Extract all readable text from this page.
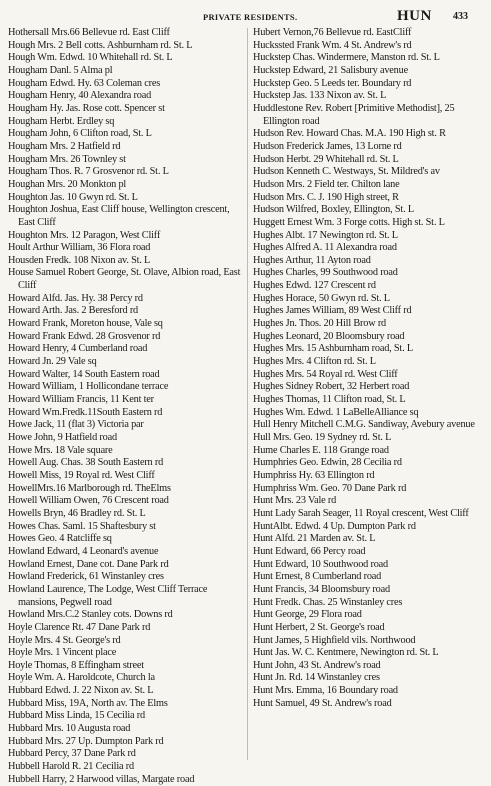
PRIVATE RESIDENTS.	HUN 433
Hothersall Mrs.66 Bellevue rd. East Cliff
Hough Mrs. 2 Bell cotts. Ashburnham rd. St. L
Hough Wm. Edwd. 10 Whitehall rd. St. L
Hougham Danl. 5 Alma pl
Hougham Edwd. Hy. 63 Coleman cres
Hougham Henry, 40 Alexandra road
Hougham Hy. Jas. Rose cott. Spencer st
Hougham Herbt. Erdley sq
Hougham John, 6 Clifton road, St. L
Hougham Mrs. 2 Hatfield rd
Hougham Mrs. 26 Townley st
Hougham Thos. R. 7 Grosvenor rd. St. L
Houghan Mrs. 20 Monkton pl
Houghton Jas. 10 Gwyn rd. St. L
Houghton Joshua, East Cliff house, Wellington crescent, East Cliff
Houghton Mrs. 12 Paragon, West Cliff
Hoult Arthur William, 36 Flora road
Housden Fredk. 108 Nixon av. St. L
House Samuel Robert George, St. Olave, Albion road, East Cliff
Howard Alfd. Jas. Hy. 38 Percy rd
Howard Arth. Jas. 2 Beresford rd
Howard Frank, Moreton house, Vale sq
Howard Frank Edwd. 28 Grosvenor rd
Howard Henry, 4 Cumberland road
Howard Jn. 29 Vale sq
Howard Walter, 14 South Eastern road
Howard William, 1 Hollicondane terrace
Howard William Francis, 11 Kent ter
Howard Wm.Fredk.11South Eastern rd
Howe Jack, 11 (flat 3) Victoria par
Howe John, 9 Hatfield road
Howe Mrs. 18 Vale square
Howell Aug. Chas. 38 South Eastern rd
Howell Miss, 19 Royal rd. West Cliff
HowellMrs.16 Marlborough rd. TheElms
Howell William Owen, 76 Crescent road
Howells Bryn, 46 Bradley rd. St. L
Howes Chas. Saml. 15 Shaftesbury st
Howes Geo. 4 Ratcliffe sq
Howland Edward, 4 Leonard's avenue
Howland Ernest, Dane cot. Dane Park rd
Howland Frederick, 61 Winstanley cres
Howland Laurence, The Lodge, West Cliff Terrace mansions, Pegwell road
Howland Mrs.C.2 Stanley cots. Downs rd
Hoyle Clarence Rt. 47 Dane Park rd
Hoyle Mrs. 4 St. George's rd
Hoyle Mrs. 1 Vincent place
Hoyle Thomas, 8 Effingham street
Hoyle Wm. A. Haroldcote, Church la
Hubbard Edwd. J. 22 Nixon av. St. L
Hubbard Miss, 19A, North av. The Elms
Hubbard Miss Linda, 15 Cecilia rd
Hubbard Mrs. 10 Augusta road
Hubbard Mrs. 27 Up. Dumpton Park rd
Hubbard Percy, 37 Dane Park rd
Hubbell Harold R. 21 Cecilia rd
Hubbell Harry, 2 Harwood villas, Margate road
Hubert Vernon,76 Bellevue rd. EastCliff
Huckssted Frank Wm. 4 St. Andrew's rd
Huckstep Chas. Windermere, Manston rd. St. L
Huckstep Edward, 21 Salisbury avenue
Huckstep Geo. 5 Leeds ter. Boundary rd
Huckstep Jas. 133 Nixon av. St. L
Huddlestone Rev. Robert [Primitive Methodist], 25 Ellington road
Hudson Rev. Howard Chas. M.A. 190 High st. R
Hudson Frederick James, 13 Lorne rd
Hudson Herbt. 29 Whitehall rd. St. L
Hudson Kenneth C. Westways, St. Mildred's av
Hudson Mrs. 2 Field ter. Chilton lane
Hudson Mrs. C. J. 190 High street, R
Hudson Wilfred, Boxley, Ellington, St. L
Huggett Ernest Wm. 3 Forge cotts. High st. St. L
Hughes Albt. 17 Newington rd. St. L
Hughes Alfred A. 11 Alexandra road
Hughes Arthur, 11 Ayton road
Hughes Charles, 99 Southwood road
Hughes Edwd. 127 Crescent rd
Hughes Horace, 50 Gwyn rd. St. L
Hughes James William, 89 West Cliff rd
Hughes Jn. Thos. 20 Hill Brow rd
Hughes Leonard, 20 Bloomsbury road
Hughes Mrs. 15 Ashburnham road, St. L
Hughes Mrs. 4 Clifton rd. St. L
Hughes Mrs. 54 Royal rd. West Cliff
Hughes Sidney Robert, 32 Herbert road
Hughes Thomas, 11 Clifton road, St. L
Hughes Wm. Edwd. 1 LaBelleAlliance sq
Hull Henry Mitchell C.M.G. Sandiway, Avebury avenue
Hull Mrs. Geo. 19 Sydney rd. St. L
Hume Charles E. 118 Grange road
Humphries Geo. Edwin, 28 Cecilia rd
Humphriss Hy. 63 Ellington rd
Humphriss Wm. Geo. 70 Dane Park rd
Hunt Mrs. 23 Vale rd
Hunt Lady Sarah Seager, 11 Royal crescent, West Cliff
HuntAlbt. Edwd. 4 Up. Dumpton Park rd
Hunt Alfd. 21 Marden av. St. L
Hunt Edward, 66 Percy road
Hunt Edward, 10 Southwood road
Hunt Ernest, 8 Cumberland road
Hunt Francis, 34 Bloomsbury road
Hunt Fredk. Chas. 25 Winstanley cres
Hunt George, 29 Flora road
Hunt Herbert, 2 St. George's road
Hunt James, 5 Highfield vils. Northwood
Hunt Jas. W. C. Kentmere, Newington rd. St. L
Hunt John, 43 St. Andrew's road
Hunt Jn. Rd. 14 Winstanley cres
Hunt Mrs. Emma, 16 Boundary road
Hunt Samuel, 49 St. Andrew's road
